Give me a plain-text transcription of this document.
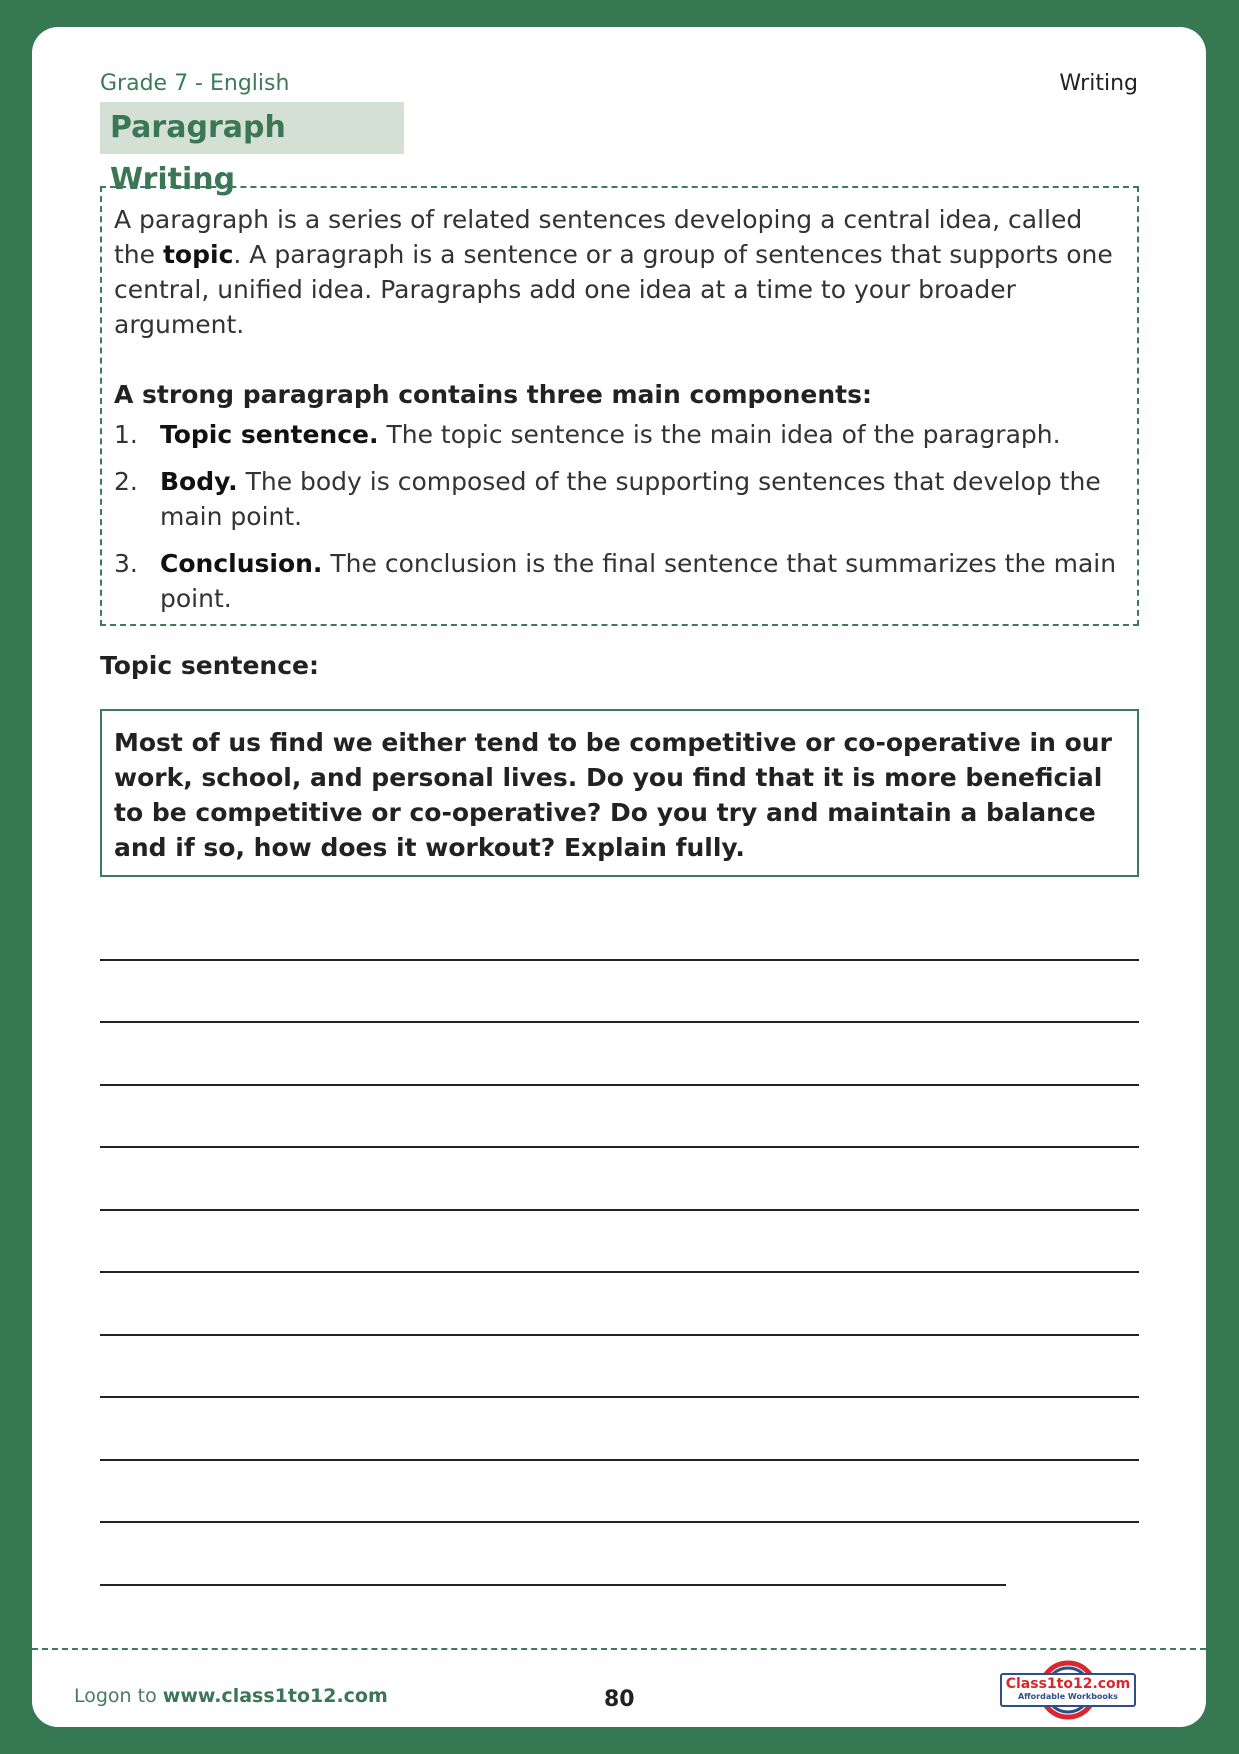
Grade 7 - English	Writing
Paragraph Writing

A paragraph is a series of related sentences developing a central idea, called the topic. A paragraph is a sentence or a group of sentences that supports one central, unified idea. Paragraphs add one idea at a time to your broader argument.

A strong paragraph contains three main components:
1. Topic sentence. The topic sentence is the main idea of the paragraph.
2. Body. The body is composed of the supporting sentences that develop the main point.
3. Conclusion. The conclusion is the final sentence that summarizes the main point.
Topic sentence:
Most of us find we either tend to be competitive or co-operative in our work, school, and personal lives. Do you find that it is more beneficial to be competitive or co-operative? Do you try and maintain a balance and if so, how does it workout? Explain fully.
Logon to www.class1to12.com	80
Class1to12.com
Affordable Workbooks
